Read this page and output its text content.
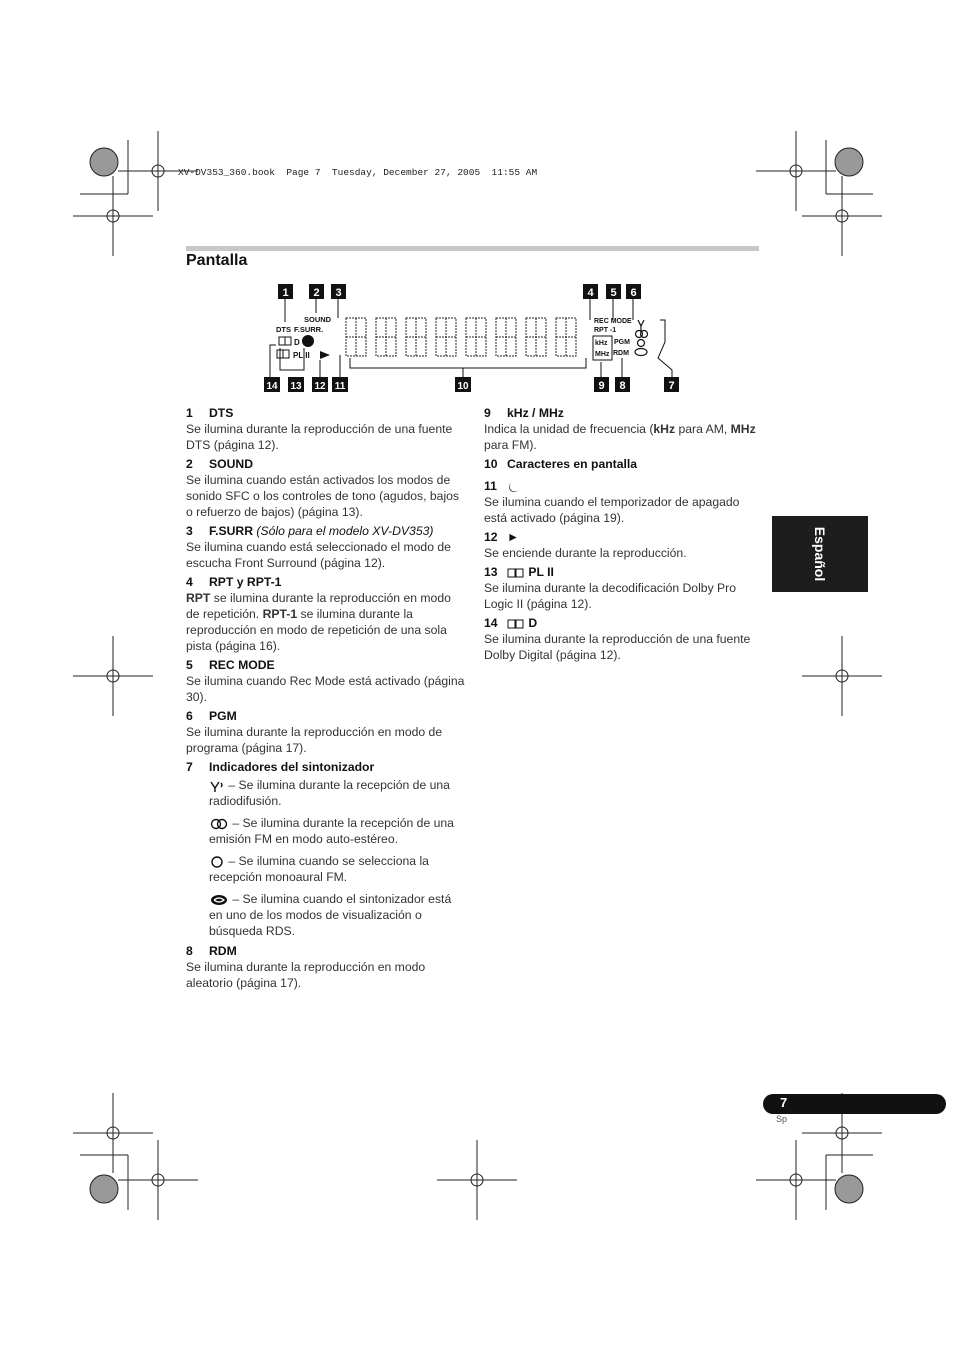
XV-DV353_360.book  Page 7  Tuesday, December 27, 2005  11:55 AM
Pantalla
1 2 3	4 5 6
14 13 12 11	10	9 8	7
DTS
SOUND
F.SURR.
D
PL II
REC MODE
RPT -1
kHz
MHz
PGM
RDM
1 DTS
Se ilumina durante la reproducción de una fuente DTS (página 12).
2 SOUND
Se ilumina cuando están activados los modos de sonido SFC o los controles de tono (agudos, bajos o refuerzo de bajos) (página 13).
3 F.SURR (Sólo para el modelo XV-DV353)
Se ilumina cuando está seleccionado el modo de escucha Front Surround (página 12).
4 RPT y RPT-1
RPT se ilumina durante la reproducción en modo de repetición. RPT-1 se ilumina durante la reproducción en modo de repetición de una sola pista (página 16).
5 REC MODE
Se ilumina cuando Rec Mode está activado (página 30).
6 PGM
Se ilumina durante la reproducción en modo de programa (página 17).
7 Indicadores del sintonizador
– Se ilumina durante la recepción de una radiodifusión.
– Se ilumina durante la recepción de una emisión FM en modo auto-estéreo.
– Se ilumina cuando se selecciona la recepción monoaural FM.
– Se ilumina cuando el sintonizador está en uno de los modos de visualización o búsqueda RDS.
8 RDM
Se ilumina durante la reproducción en modo aleatorio (página 17).
9 kHz / MHz
Indica la unidad de frecuencia (kHz para AM, MHz para FM).
10 Caracteres en pantalla
11
Se ilumina cuando el temporizador de apagado está activado (página 19).
12 ►
Se enciende durante la reproducción.
13	PL II
Se ilumina durante la decodificación Dolby Pro Logic II (página 12).
14	D
Se ilumina durante la reproducción de una fuente Dolby Digital (página 12).
Español
7
Sp
